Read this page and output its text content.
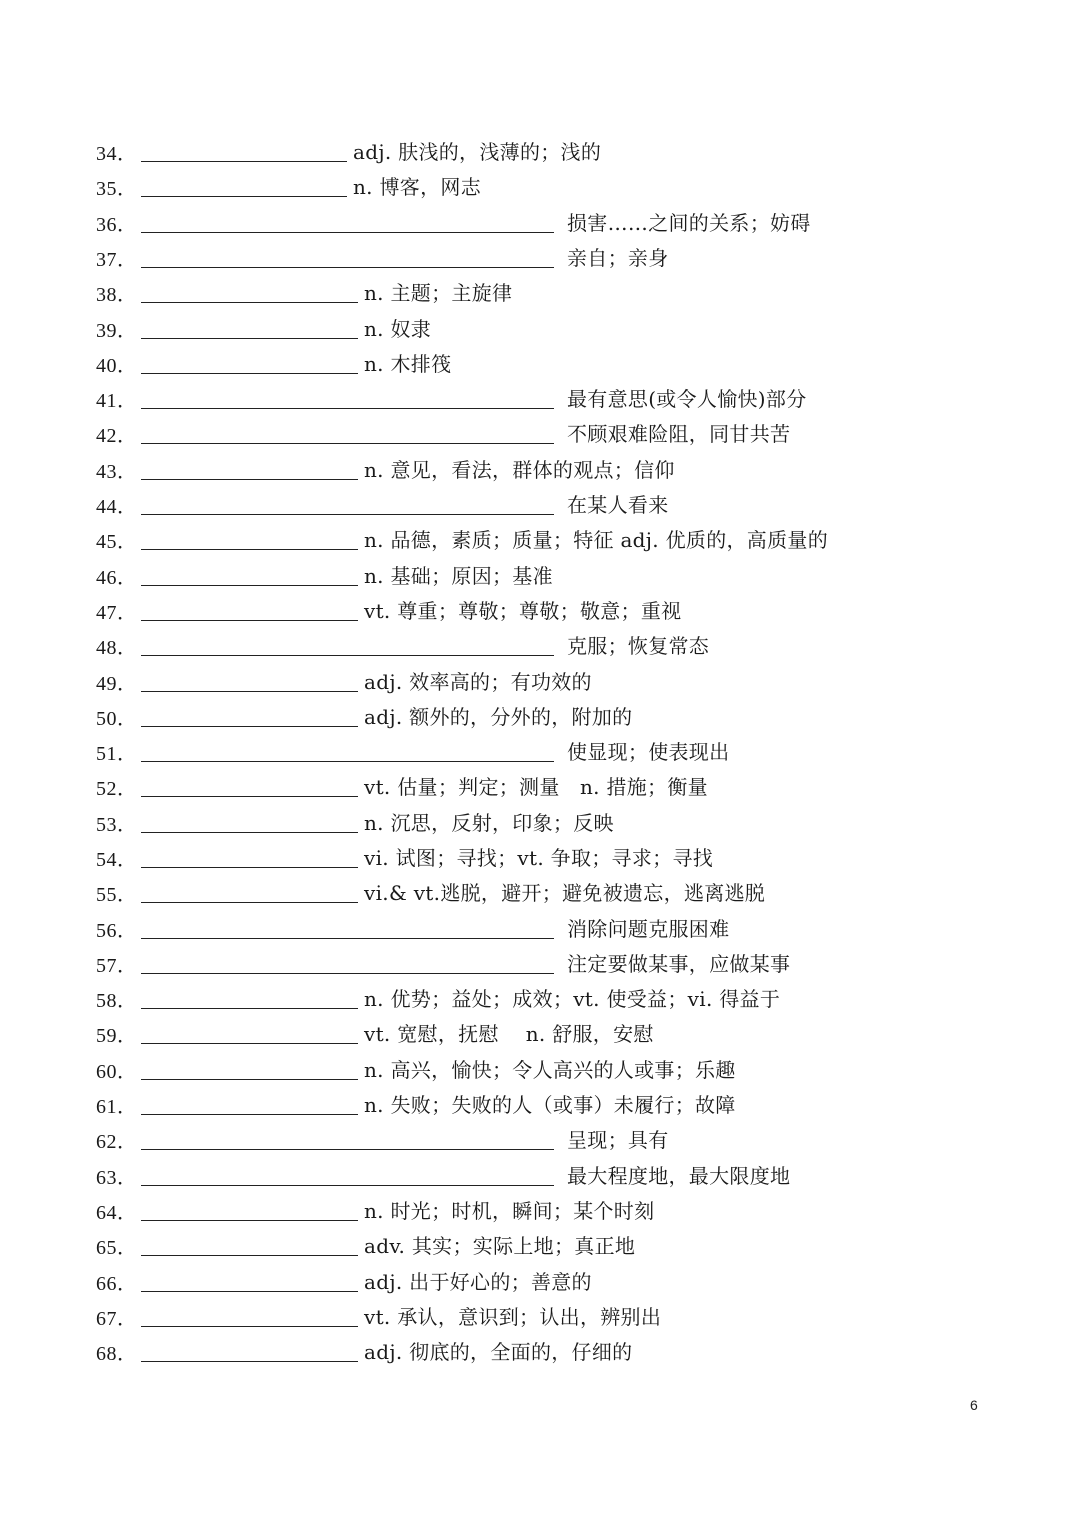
34．	adj. 肤浅的，浅薄的；浅的
35．	n. 博客，网志
36．	损害……之间的关系；妨碍
37．	亲自；亲身
38．	n. 主题；主旋律
39．	n. 奴隶
40．	n. 木排筏
41．	最有意思(或令人愉快)部分
42．	不顾艰难险阻，同甘共苦
43．	n. 意见，看法，群体的观点；信仰
44．	在某人看来
45．	n. 品德，素质；质量；特征 adj. 优质的，高质量的
46．	n. 基础；原因；基准
47．	vt. 尊重；尊敬；尊敬；敬意；重视
48．	克服；恢复常态
49．	adj. 效率高的；有功效的
50．	adj. 额外的，分外的，附加的
51．	使显现；使表现出
52．	vt. 估量；判定；测量　n. 措施；衡量
53．	n. 沉思，反射，印象；反映
54．	vi. 试图；寻找；vt. 争取；寻求；寻找
55．	vi.& vt.逃脱，避开；避免被遗忘，逃离逃脱
56．	消除问题克服困难
57．	注定要做某事，应做某事
58．	n. 优势；益处；成效；vt. 使受益；vi. 得益于
59．	vt. 宽慰，抚慰　 n. 舒服，安慰
60．	n. 高兴，愉快；令人高兴的人或事；乐趣
61．	n. 失败；失败的人（或事）未履行；故障
62．	呈现；具有
63．	最大程度地，最大限度地
64．	n. 时光；时机，瞬间；某个时刻
65．	adv. 其实；实际上地；真正地
66．	adj. 出于好心的；善意的
67．	vt. 承认，意识到；认出，辨别出
68．	adj. 彻底的，全面的，仔细的
6
